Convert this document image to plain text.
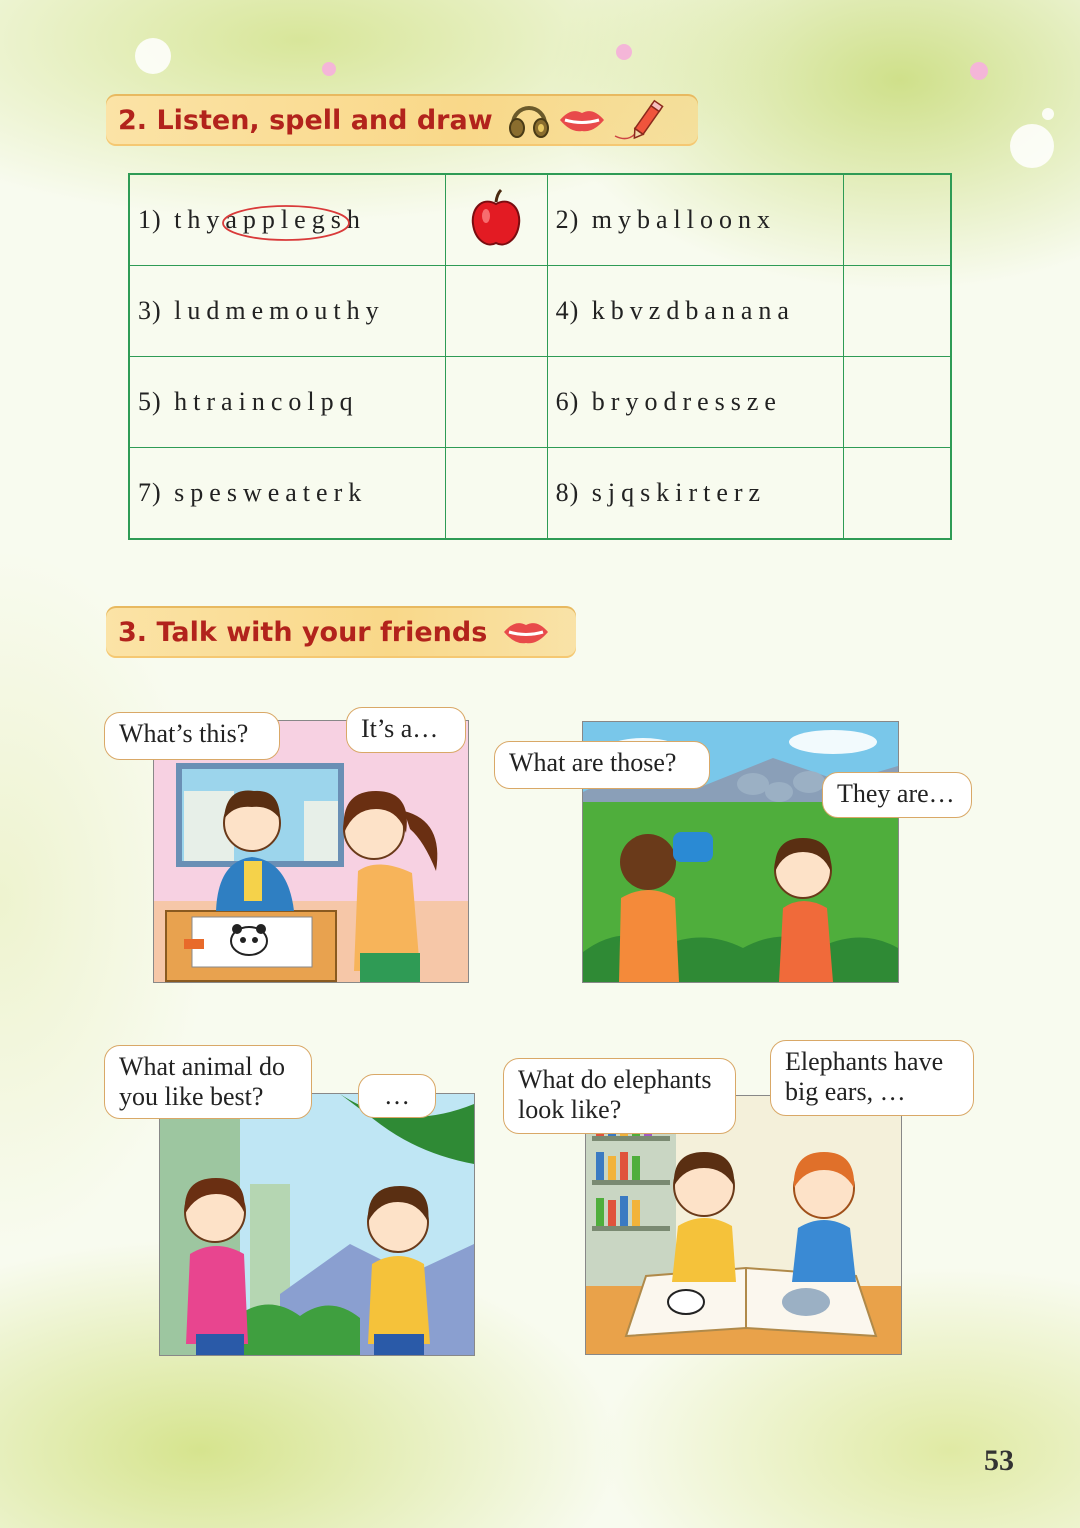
2. Listen, spell and draw
1) thyapplegsh		2) myballoonx	
3) ludmemouthy		4) kbvzdbanana	
5) htraincolpq		6) bryodressze	
7) spesweaterk		8) sjqskirterz	
3. Talk with your friends
What’s this?	It’s a…
What are those?
They are…
What animal do
you like best?	…
What do elephants
look like?
Elephants have
big ears, …
53
